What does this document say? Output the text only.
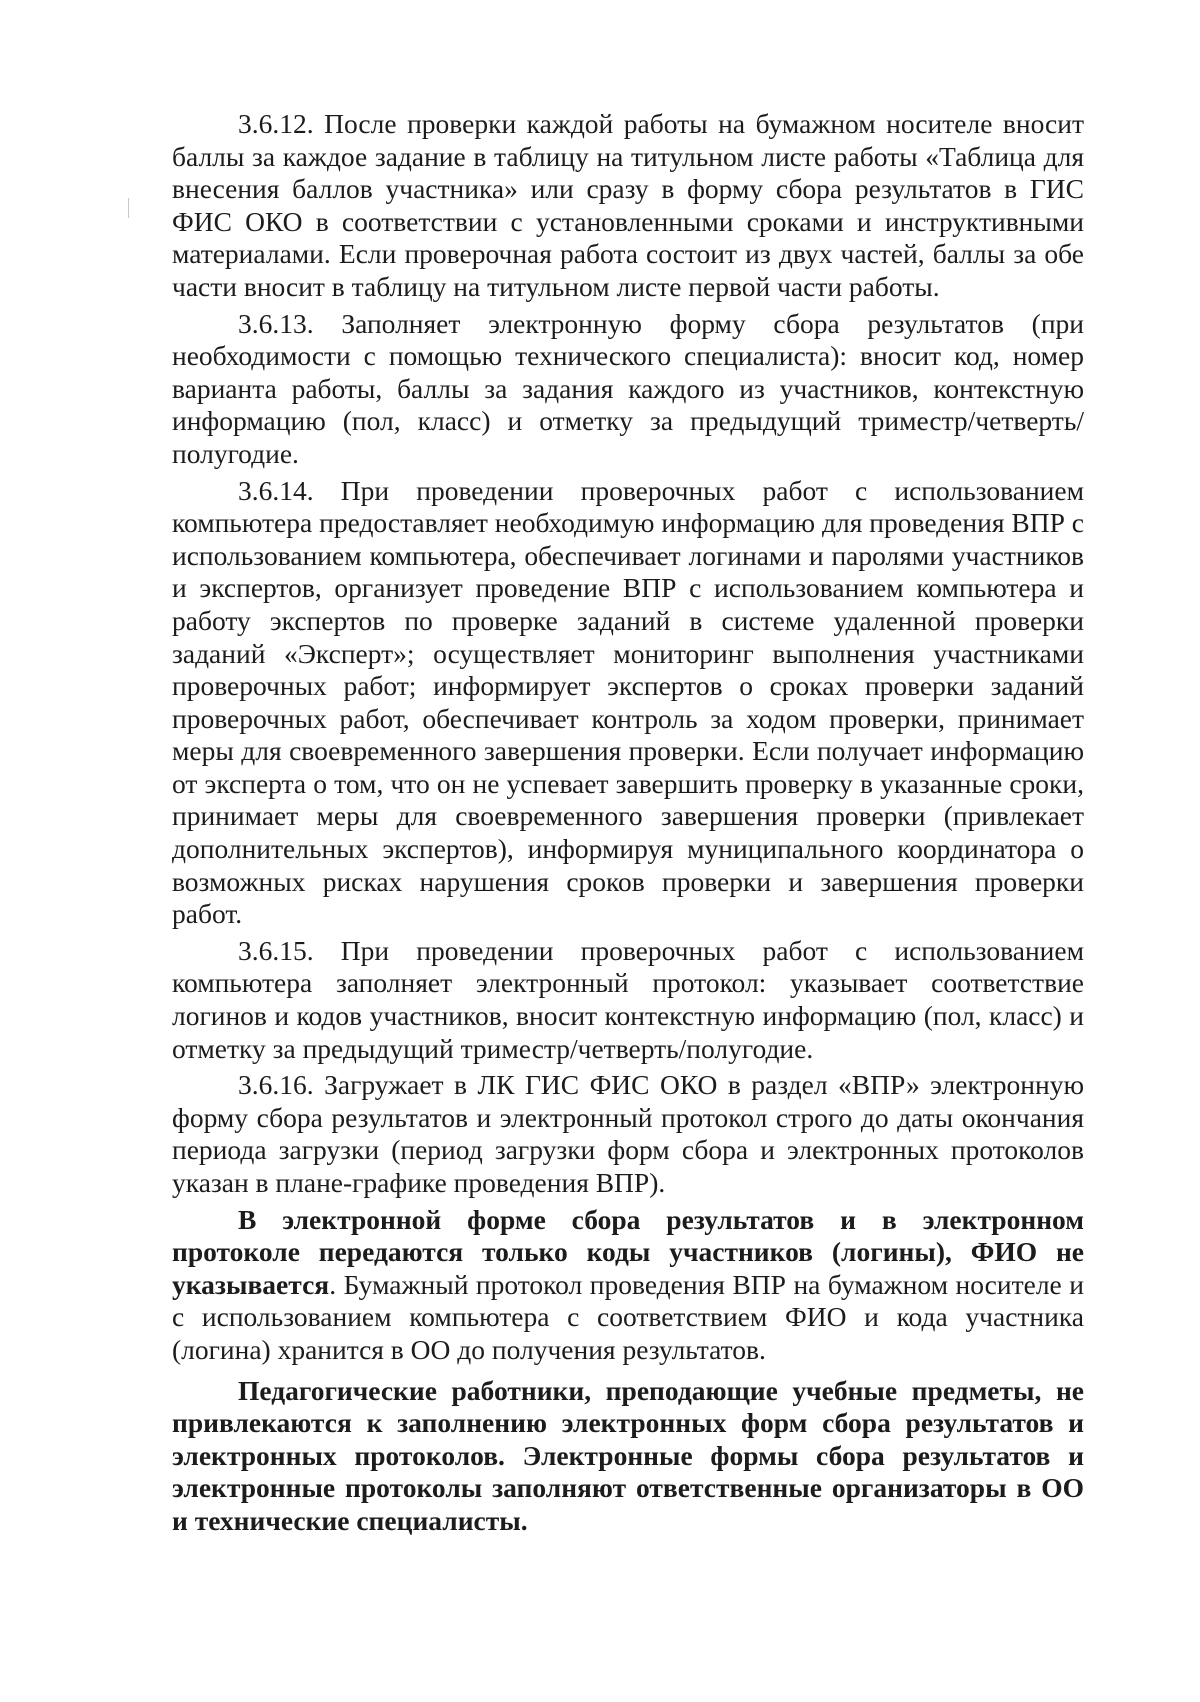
3.6.12. После проверки каждой работы на бумажном носителе вносит баллы за каждое задание в таблицу на титульном листе работы «Таблица для внесения баллов участника» или сразу в форму сбора результатов в ГИС ФИС ОКО в соответствии с установленными сроками и инструктивными материалами. Если проверочная работа состоит из двух частей, баллы за обе части вносит в таблицу на титульном листе первой части работы.

3.6.13. Заполняет электронную форму сбора результатов (при необходимости с помощью технического специалиста): вносит код, номер варианта работы, баллы за задания каждого из участников, контекстную информацию (пол, класс) и отметку за предыдущий триместр/четверть/полугодие.

3.6.14. При проведении проверочных работ с использованием компьютера предоставляет необходимую информацию для проведения ВПР с использованием компьютера, обеспечивает логинами и паролями участников и экспертов, организует проведение ВПР с использованием компьютера и работу экспертов по проверке заданий в системе удаленной проверки заданий «Эксперт»; осуществляет мониторинг выполнения участниками проверочных работ; информирует экспертов о сроках проверки заданий проверочных работ, обеспечивает контроль за ходом проверки, принимает меры для своевременного завершения проверки. Если получает информацию от эксперта о том, что он не успевает завершить проверку в указанные сроки, принимает меры для своевременного завершения проверки (привлекает дополнительных экспертов), информируя муниципального координатора о возможных рисках нарушения сроков проверки и завершения проверки работ.

3.6.15. При проведении проверочных работ с использованием компьютера заполняет электронный протокол: указывает соответствие логинов и кодов участников, вносит контекстную информацию (пол, класс) и отметку за предыдущий триместр/четверть/полугодие.

3.6.16. Загружает в ЛК ГИС ФИС ОКО в раздел «ВПР» электронную форму сбора результатов и электронный протокол строго до даты окончания периода загрузки (период загрузки форм сбора и электронных протоколов указан в плане-графике проведения ВПР).

В электронной форме сбора результатов и в электронном протоколе передаются только коды участников (логины), ФИО не указывается. Бумажный протокол проведения ВПР на бумажном носителе и с использованием компьютера с соответствием ФИО и кода участника (логина) хранится в ОО до получения результатов.

Педагогические работники, преподающие учебные предметы, не привлекаются к заполнению электронных форм сбора результатов и электронных протоколов. Электронные формы сбора результатов и электронные протоколы заполняют ответственные организаторы в ОО и технические специалисты.
